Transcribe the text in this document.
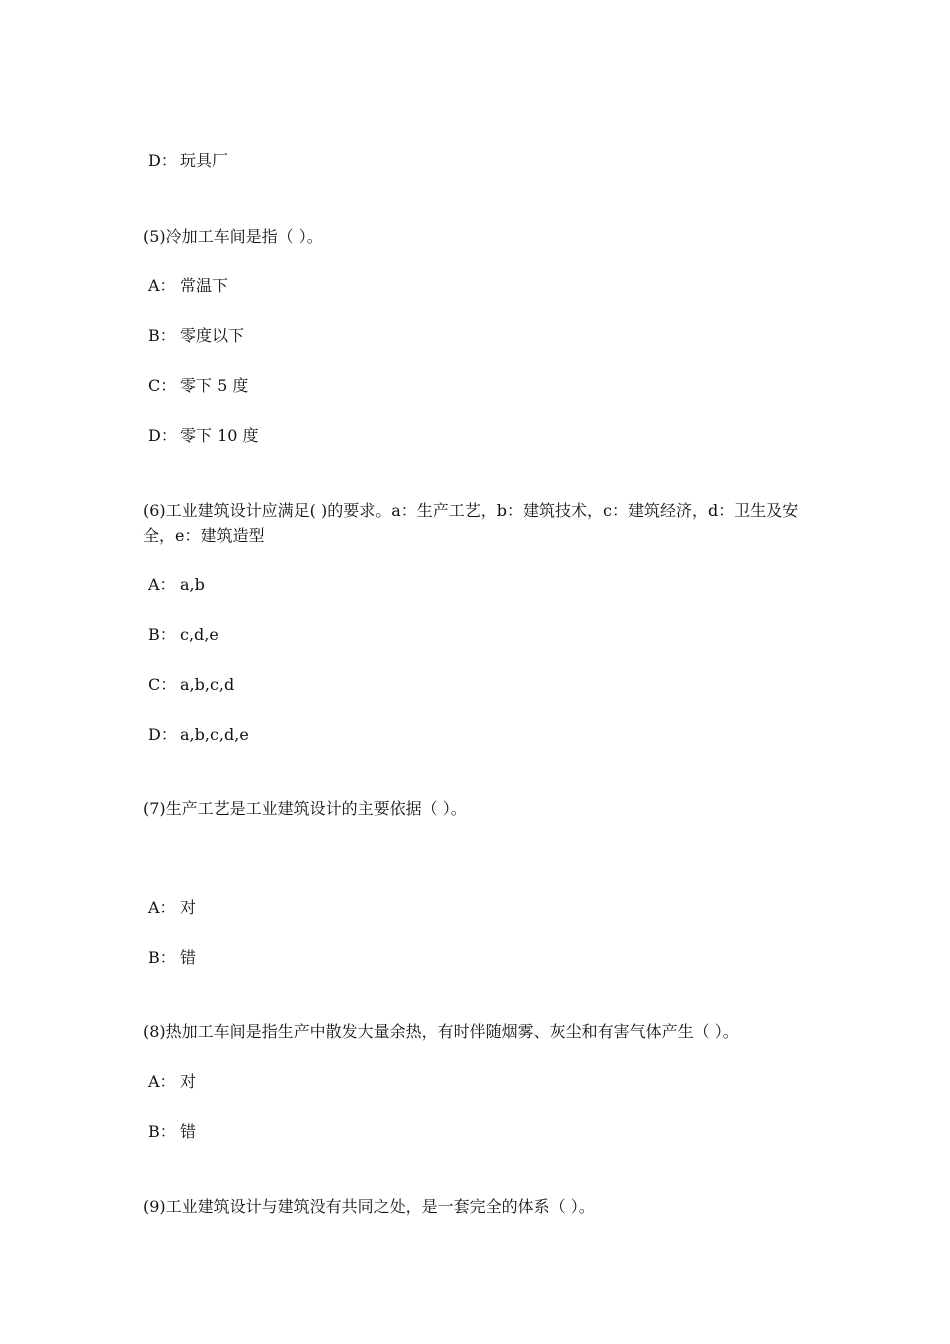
D： 玩具厂
(5)冷加工车间是指（ ）。
A： 常温下
B： 零度以下
C： 零下 5 度
D： 零下 10 度
(6)工业建筑设计应满足( )的要求。a：生产工艺，b：建筑技术，c：建筑经济，d：卫生及安全，e：建筑造型
A： a,b
B： c,d,e
C： a,b,c,d
D： a,b,c,d,e
(7)生产工艺是工业建筑设计的主要依据（ ）。
A： 对
B： 错
(8)热加工车间是指生产中散发大量余热，有时伴随烟雾、灰尘和有害气体产生（ ）。
A： 对
B： 错
(9)工业建筑设计与建筑没有共同之处，是一套完全的体系（ ）。
